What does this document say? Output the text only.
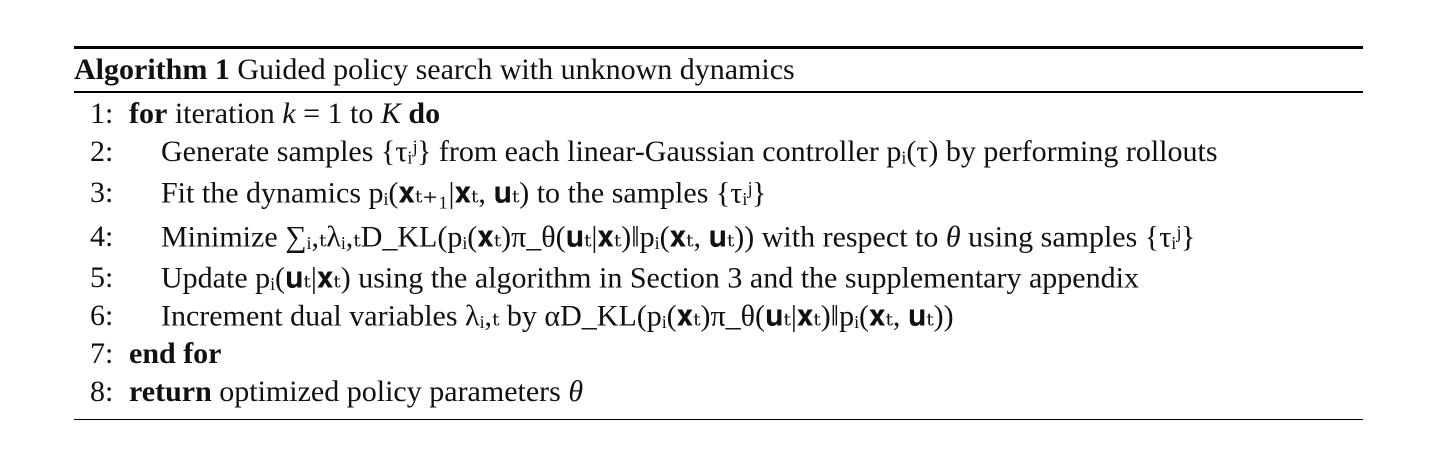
Algorithm 1
Guided policy search with unknown dynamics
1: for iteration k = 1 to K do
2: Generate samples {τᵢʲ} from each linear-Gaussian controller pᵢ(τ) by performing rollouts
3: Fit the dynamics pᵢ(𝐱ₜ₊₁|𝐱ₜ, 𝐮ₜ) to the samples {τᵢʲ}
4: Minimize ∑ᵢ,ₜλᵢ,ₜD_KL(pᵢ(𝐱ₜ)π_θ(𝐮ₜ|𝐱ₜ)‖pᵢ(𝐱ₜ, 𝐮ₜ)) with respect to θ using samples {τᵢʲ}
5: Update pᵢ(𝐮ₜ|𝐱ₜ) using the algorithm in Section 3 and the supplementary appendix
6: Increment dual variables λᵢ,ₜ by αD_KL(pᵢ(𝐱ₜ)π_θ(𝐮ₜ|𝐱ₜ)‖pᵢ(𝐱ₜ, 𝐮ₜ))
7: end for
8: return optimized policy parameters θ
